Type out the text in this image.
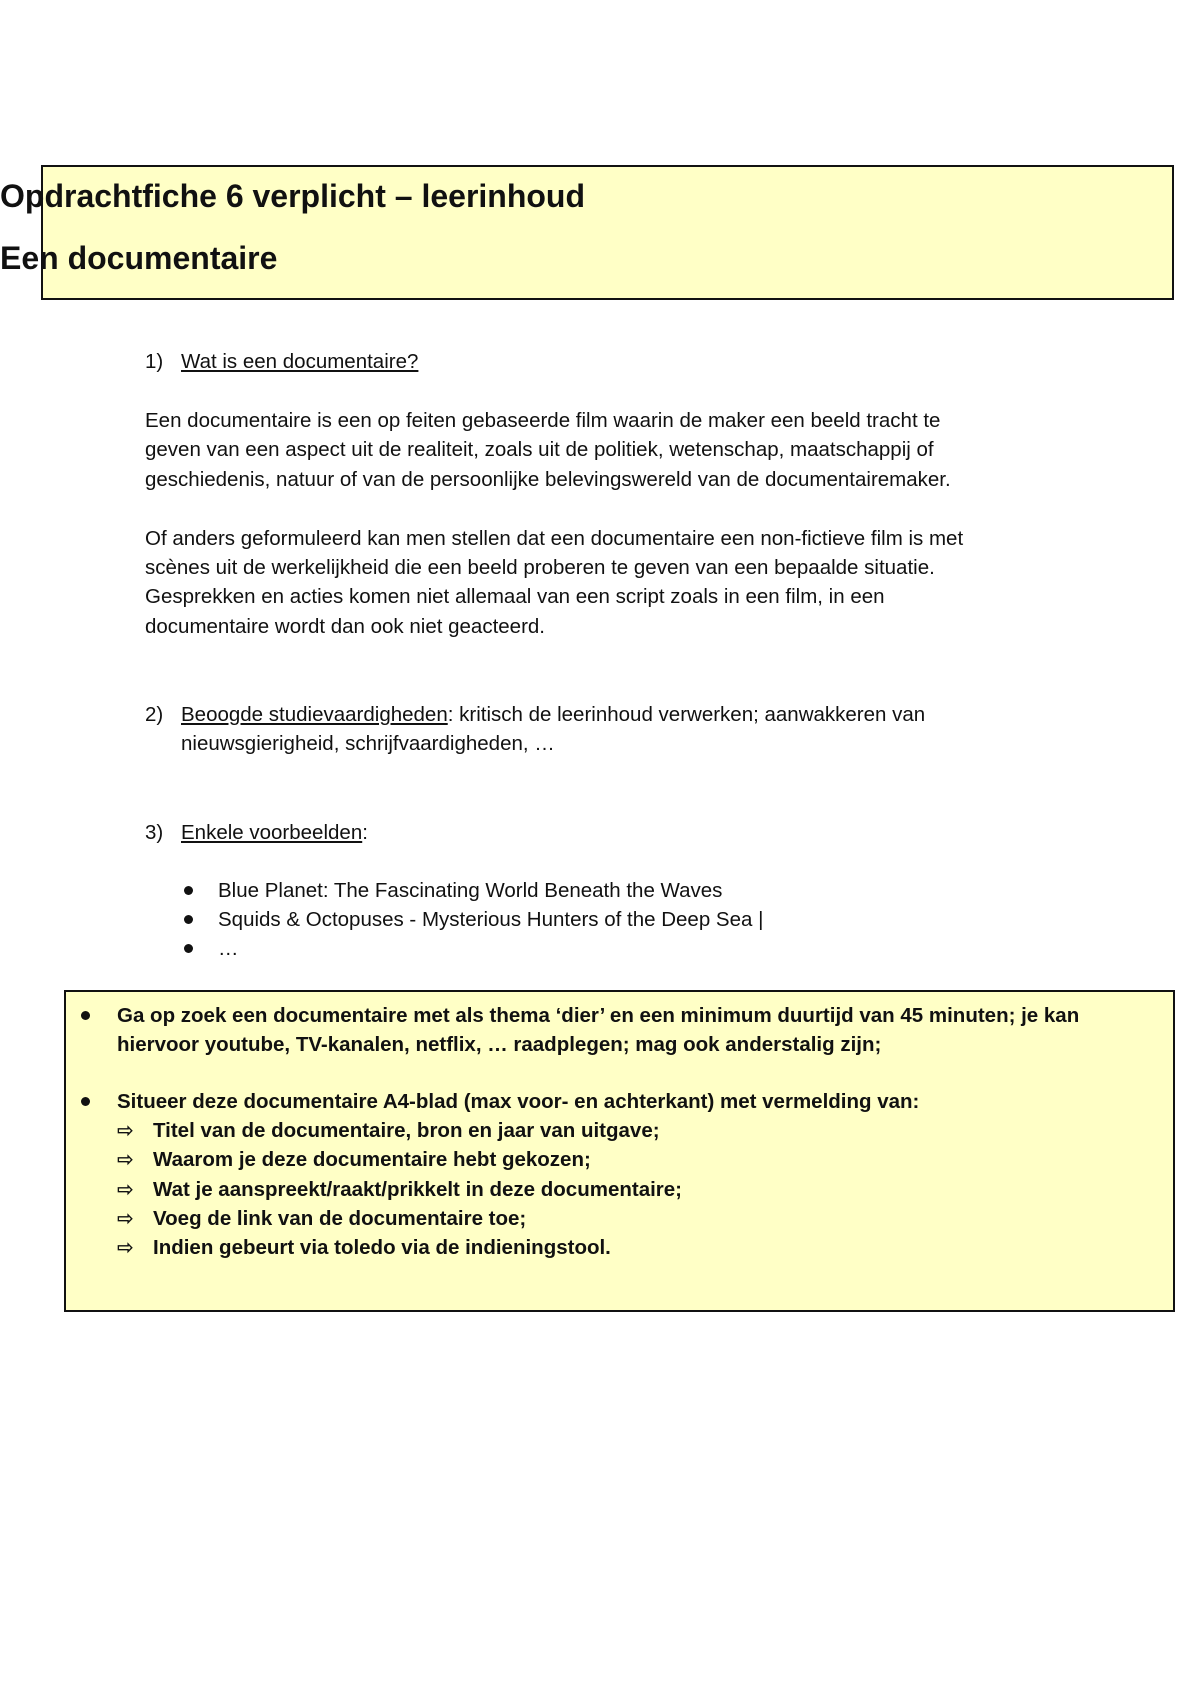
Opdrachtfiche 6 verplicht – leerinhoud
Een documentaire
1) Wat is een documentaire?
Een documentaire is een op feiten gebaseerde film waarin de maker een beeld tracht te
geven van een aspect uit de realiteit, zoals uit de politiek, wetenschap, maatschappij of
geschiedenis, natuur of van de persoonlijke belevingswereld van de documentairemaker.
Of anders geformuleerd kan men stellen dat een documentaire een non-fictieve film is met
scènes uit de werkelijkheid die een beeld proberen te geven van een bepaalde situatie.
Gesprekken en acties komen niet allemaal van een script zoals in een film, in een
documentaire wordt dan ook niet geacteerd.
2) Beoogde studievaardigheden: kritisch de leerinhoud verwerken; aanwakkeren van
nieuwsgierigheid, schrijfvaardigheden, …
3) Enkele voorbeelden:
Blue Planet: The Fascinating World Beneath the Waves
Squids & Octopuses - Mysterious Hunters of the Deep Sea |
…
Ga op zoek een documentaire met als thema ‘dier’ en een minimum duurtijd van 45 minuten; je kan
hiervoor youtube, TV-kanalen, netflix, … raadplegen; mag ook anderstalig zijn;
Situeer deze documentaire A4-blad (max voor- en achterkant) met vermelding van:
⇨ Titel van de documentaire, bron en jaar van uitgave;
⇨ Waarom je deze documentaire hebt gekozen;
⇨ Wat je aanspreekt/raakt/prikkelt in deze documentaire;
⇨ Voeg de link van de documentaire toe;
⇨ Indien gebeurt via toledo via de indieningstool.
